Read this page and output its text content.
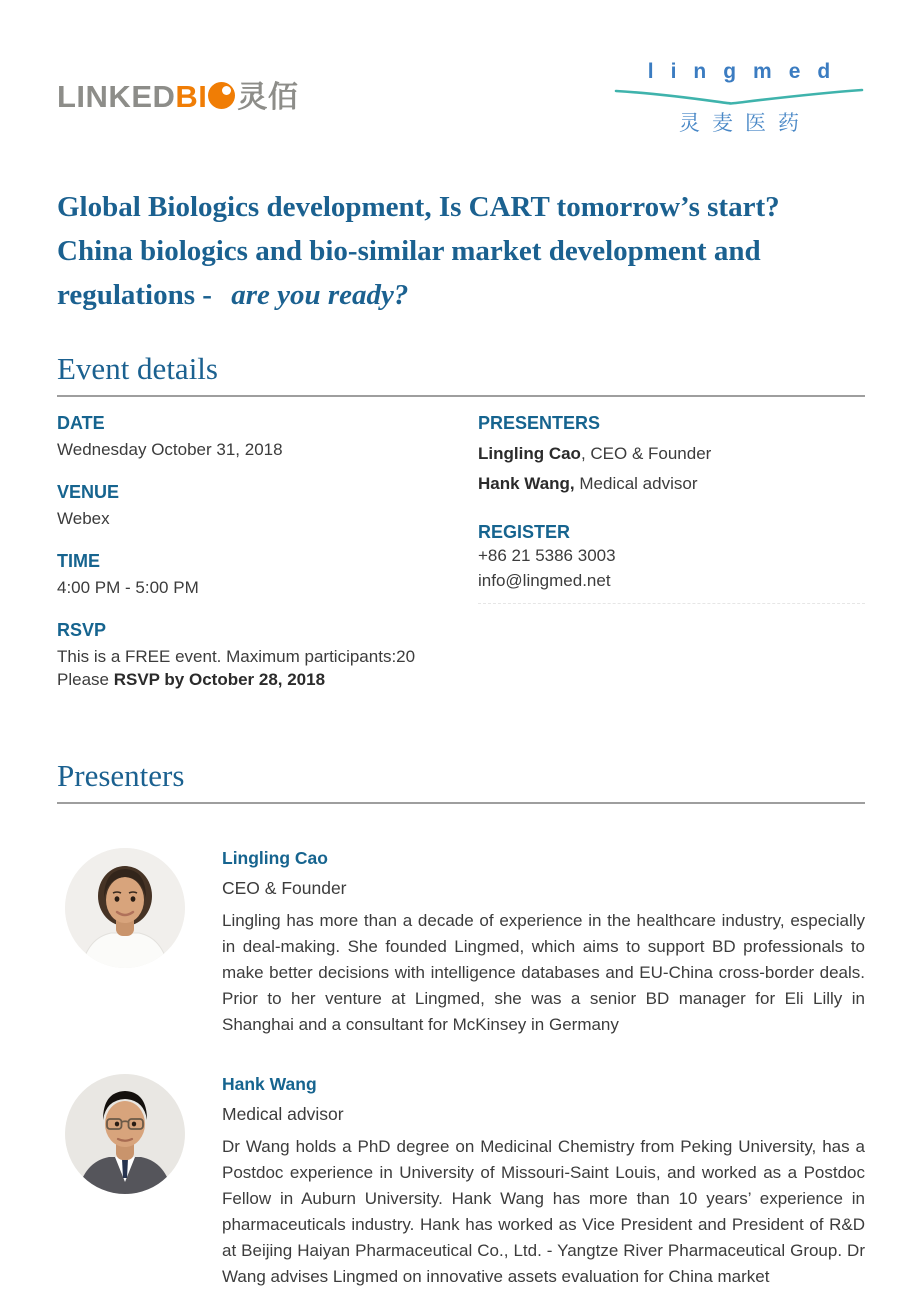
LINKEDBI 灵佰
lingmed
灵麦医药
Global Biologics development, Is CART tomorrow’s start?
China biologics and bio-similar market development and
regulations - are you ready?
Event details
DATE
Wednesday October 31, 2018
VENUE
Webex
TIME
4:00 PM - 5:00 PM
RSVP
This is a FREE event. Maximum participants:20
Please RSVP by October 28, 2018
PRESENTERS
Lingling Cao, CEO & Founder
Hank Wang, Medical advisor
REGISTER
+86 21 5386 3003
info@lingmed.net
Presenters
Lingling Cao
CEO & Founder
Lingling has more than a decade of experience in the healthcare industry, especially in deal-making. She founded Lingmed, which aims to support BD professionals to make better decisions with intelligence databases and EU-China cross-border deals. Prior to her venture at Lingmed, she was a senior BD manager for Eli Lilly in Shanghai and a consultant for McKinsey in Germany
Hank Wang
Medical advisor
Dr Wang holds a PhD degree on Medicinal Chemistry from Peking University, has a Postdoc experience in University of Missouri-Saint Louis, and worked as a Postdoc Fellow in Auburn University. Hank Wang has more than 10 years’ experience in pharmaceuticals industry. Hank has worked as Vice President and President of R&D at Beijing Haiyan Pharmaceutical Co., Ltd. - Yangtze River Pharmaceutical Group. Dr Wang advises Lingmed on innovative assets evaluation for China market
